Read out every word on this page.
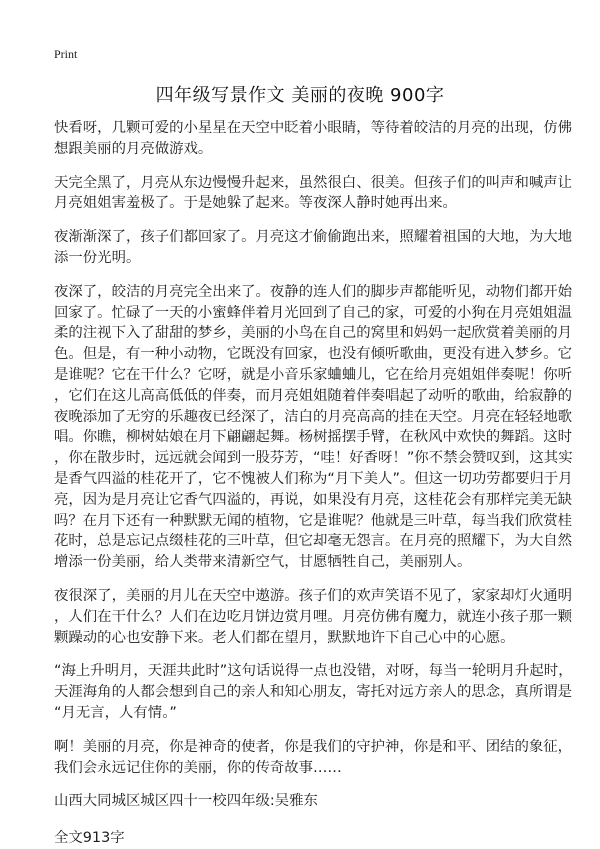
Print
四年级写景作文 美丽的夜晚 900字

快看呀，几颗可爱的小星星在天空中眨着小眼睛，等待着皎洁的月亮的出现，仿佛
想跟美丽的月亮做游戏。

天完全黑了，月亮从东边慢慢升起来，虽然很白、很美。但孩子们的叫声和喊声让
月亮姐姐害羞极了。于是她躲了起来。等夜深人静时她再出来。

夜渐渐深了，孩子们都回家了。月亮这才偷偷跑出来，照耀着祖国的大地，为大地
添一份光明。

夜深了，皎洁的月亮完全出来了。夜静的连人们的脚步声都能听见，动物们都开始
回家了。忙碌了一天的小蜜蜂伴着月光回到了自己的家，可爱的小狗在月亮姐姐温
柔的注视下入了甜甜的梦乡，美丽的小鸟在自己的窝里和妈妈一起欣赏着美丽的月
色。但是，有一种小动物，它既没有回家，也没有倾听歌曲，更没有进入梦乡。它
是谁呢？它在干什么？它呀，就是小音乐家蛐蛐儿，它在给月亮姐姐伴奏呢！你听
，它们在这儿高高低低的伴奏，而月亮姐姐随着伴奏唱起了动听的歌曲，给寂静的
夜晚添加了无穷的乐趣夜已经深了，洁白的月亮高高的挂在天空。月亮在轻轻地歌
唱。你瞧，柳树姑娘在月下翩翩起舞。杨树摇摆手臂，在秋风中欢快的舞蹈。这时
，你在散步时，远远就会闻到一股芬芳，“哇！好香呀！”你不禁会赞叹到，这其实
是香气四溢的桂花开了，它不愧被人们称为“月下美人”。但这一切功劳都要归于月
亮，因为是月亮让它香气四溢的，再说，如果没有月亮，这桂花会有那样完美无缺
吗？在月下还有一种默默无闻的植物，它是谁呢？他就是三叶草，每当我们欣赏桂
花时，总是忘记点缀桂花的三叶草，但它却毫无怨言。在月亮的照耀下，为大自然
增添一份美丽，给人类带来清新空气，甘愿牺牲自己，美丽别人。

夜很深了，美丽的月儿在天空中遨游。孩子们的欢声笑语不见了，家家却灯火通明
，人们在干什么？人们在边吃月饼边赏月哩。月亮仿佛有魔力，就连小孩子那一颗
颗躁动的心也安静下来。老人们都在望月，默默地许下自己心中的心愿。

“海上升明月，天涯共此时”这句话说得一点也没错，对呀，每当一轮明月升起时，
天涯海角的人都会想到自己的亲人和知心朋友，寄托对远方亲人的思念，真所谓是
“月无言，人有情。”

啊！美丽的月亮，你是神奇的使者，你是我们的守护神，你是和平、团结的象征，
我们会永远记住你的美丽，你的传奇故事……

山西大同城区城区四十一校四年级:吴雅东

全文913字
